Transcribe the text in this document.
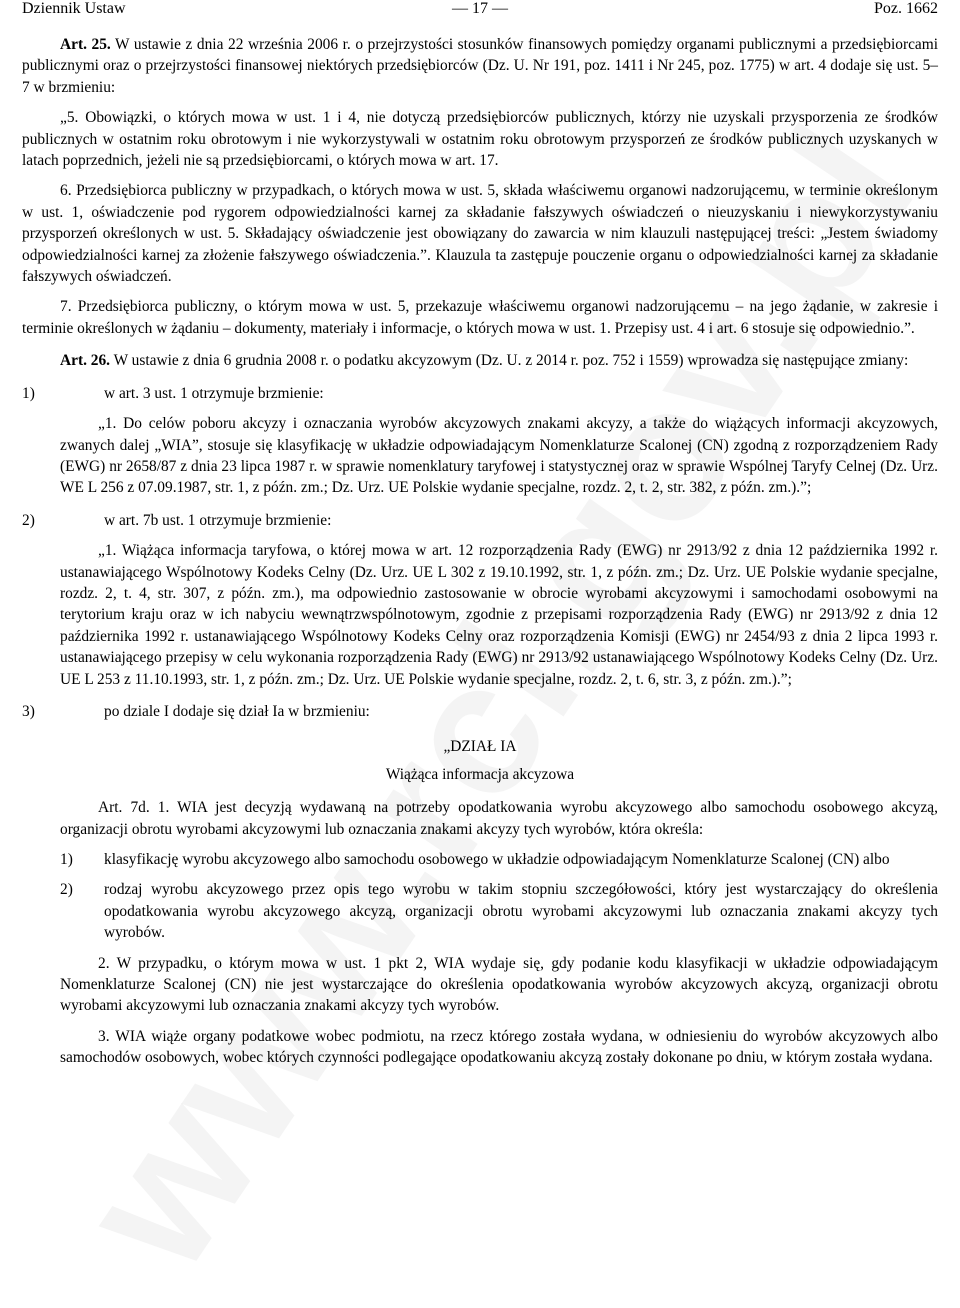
Dziennik Ustaw	— 17 —	Poz. 1662

Art. 25. W ustawie z dnia 22 września 2006 r. o przejrzystości stosunków finansowych pomiędzy organami publicznymi a przedsiębiorcami publicznymi oraz o przejrzystości finansowej niektórych przedsiębiorców (Dz. U. Nr 191, poz. 1411 i Nr 245, poz. 1775) w art. 4 dodaje się ust. 5–7 w brzmieniu:

„5. Obowiązki, o których mowa w ust. 1 i 4, nie dotyczą przedsiębiorców publicznych, którzy nie uzyskali przysporzenia ze środków publicznych w ostatnim roku obrotowym i nie wykorzystywali w ostatnim roku obrotowym przysporzeń ze środków publicznych uzyskanych w latach poprzednich, jeżeli nie są przedsiębiorcami, o których mowa w art. 17.

6. Przedsiębiorca publiczny w przypadkach, o których mowa w ust. 5, składa właściwemu organowi nadzorującemu, w terminie określonym w ust. 1, oświadczenie pod rygorem odpowiedzialności karnej za składanie fałszywych oświadczeń o nieuzyskaniu i niewykorzystywaniu przysporzeń określonych w ust. 5. Składający oświadczenie jest obowiązany do zawarcia w nim klauzuli następującej treści: „Jestem świadomy odpowiedzialności karnej za złożenie fałszywego oświadczenia.”. Klauzula ta zastępuje pouczenie organu o odpowiedzialności karnej za składanie fałszywych oświadczeń.

7. Przedsiębiorca publiczny, o którym mowa w ust. 5, przekazuje właściwemu organowi nadzorującemu – na jego żądanie, w zakresie i terminie określonych w żądaniu – dokumenty, materiały i informacje, o których mowa w ust. 1. Przepisy ust. 4 i art. 6 stosuje się odpowiednio.”.

Art. 26. W ustawie z dnia 6 grudnia 2008 r. o podatku akcyzowym (Dz. U. z 2014 r. poz. 752 i 1559) wprowadza się następujące zmiany:

1)	w art. 3 ust. 1 otrzymuje brzmienie:

„1. Do celów poboru akcyzy i oznaczania wyrobów akcyzowych znakami akcyzy, a także do wiążących informacji akcyzowych, zwanych dalej „WIA”, stosuje się klasyfikację w układzie odpowiadającym Nomenklaturze Scalonej (CN) zgodną z rozporządzeniem Rady (EWG) nr 2658/87 z dnia 23 lipca 1987 r. w sprawie nomenklatury taryfowej i statystycznej oraz w sprawie Wspólnej Taryfy Celnej (Dz. Urz. WE L 256 z 07.09.1987, str. 1, z późn. zm.; Dz. Urz. UE Polskie wydanie specjalne, rozdz. 2, t. 2, str. 382, z późn. zm.).”;

2)	w art. 7b ust. 1 otrzymuje brzmienie:

„1. Wiążąca informacja taryfowa, o której mowa w art. 12 rozporządzenia Rady (EWG) nr 2913/92 z dnia 12 października 1992 r. ustanawiającego Wspólnotowy Kodeks Celny (Dz. Urz. UE L 302 z 19.10.1992, str. 1, z późn. zm.; Dz. Urz. UE Polskie wydanie specjalne, rozdz. 2, t. 4, str. 307, z późn. zm.), ma odpowiednio zastosowanie w obrocie wyrobami akcyzowymi i samochodami osobowymi na terytorium kraju oraz w ich nabyciu wewnątrzwspólnotowym, zgodnie z przepisami rozporządzenia Rady (EWG) nr 2913/92 z dnia 12 października 1992 r. ustanawiającego Wspólnotowy Kodeks Celny oraz rozporządzenia Komisji (EWG) nr 2454/93 z dnia 2 lipca 1993 r. ustanawiającego przepisy w celu wykonania rozporządzenia Rady (EWG) nr 2913/92 ustanawiającego Wspólnotowy Kodeks Celny (Dz. Urz. UE L 253 z 11.10.1993, str. 1, z późn. zm.; Dz. Urz. UE Polskie wydanie specjalne, rozdz. 2, t. 6, str. 3, z późn. zm.).”;

3)	po dziale I dodaje się dział Ia w brzmieniu:

„DZIAŁ IA

Wiążąca informacja akcyzowa

Art. 7d. 1. WIA jest decyzją wydawaną na potrzeby opodatkowania wyrobu akcyzowego albo samochodu osobowego akcyzą, organizacji obrotu wyrobami akcyzowymi lub oznaczania znakami akcyzy tych wyrobów, która określa:

1) klasyfikację wyrobu akcyzowego albo samochodu osobowego w układzie odpowiadającym Nomenklaturze Scalonej (CN) albo
2) rodzaj wyrobu akcyzowego przez opis tego wyrobu w takim stopniu szczegółowości, który jest wystarczający do określenia opodatkowania wyrobu akcyzowego akcyzą, organizacji obrotu wyrobami akcyzowymi lub oznaczania znakami akcyzy tych wyrobów.

2. W przypadku, o którym mowa w ust. 1 pkt 2, WIA wydaje się, gdy podanie kodu klasyfikacji w układzie odpowiadającym Nomenklaturze Scalonej (CN) nie jest wystarczające do określenia opodatkowania wyrobów akcyzowych akcyzą, organizacji obrotu wyrobami akcyzowymi lub oznaczania znakami akcyzy tych wyrobów.

3. WIA wiąże organy podatkowe wobec podmiotu, na rzecz którego została wydana, w odniesieniu do wyrobów akcyzowych albo samochodów osobowych, wobec których czynności podlegające opodatkowaniu akcyzą zostały dokonane po dniu, w którym została wydana.
